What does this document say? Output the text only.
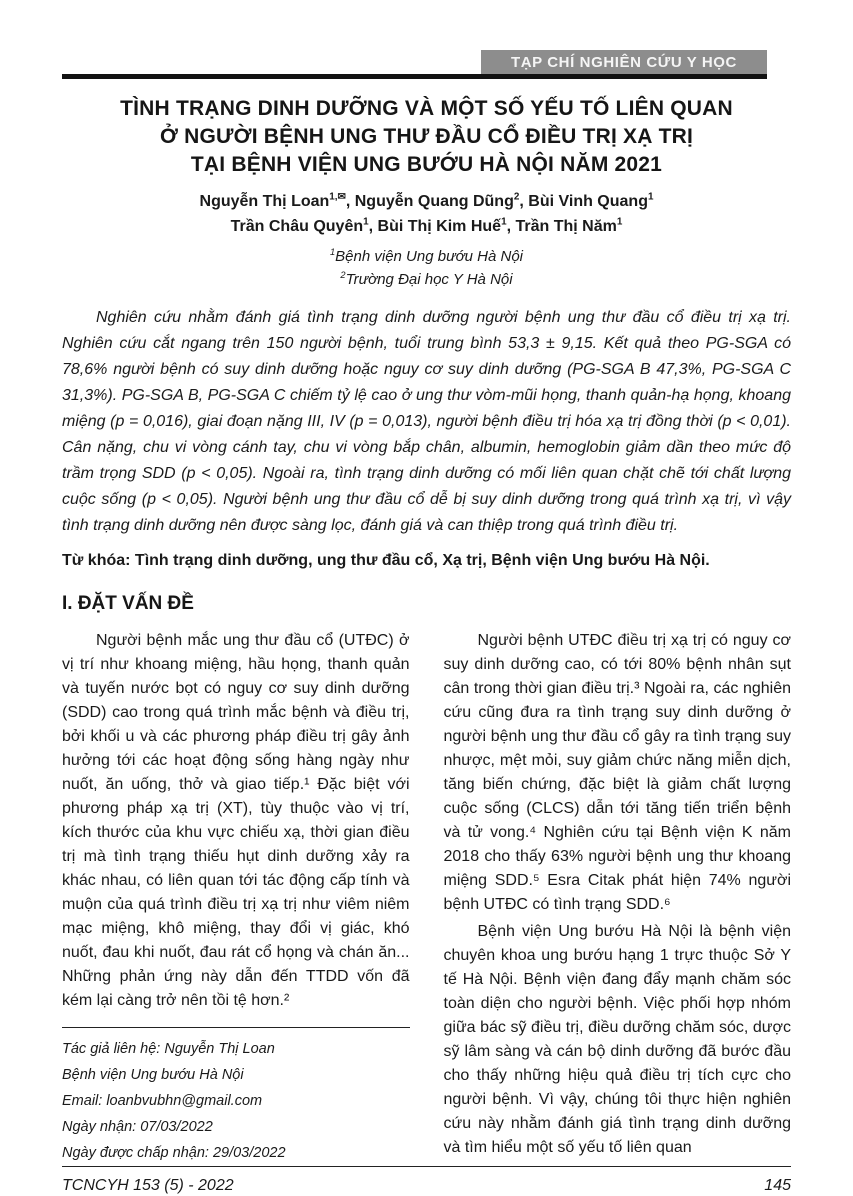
TẠP CHÍ NGHIÊN CỨU Y HỌC
TÌNH TRẠNG DINH DƯỠNG VÀ MỘT SỐ YẾU TỐ LIÊN QUAN
Ở NGƯỜI BỆNH UNG THƯ ĐẦU CỔ ĐIỀU TRỊ XẠ TRỊ
TẠI BỆNH VIỆN UNG BƯỚU HÀ NỘI NĂM 2021
Nguyễn Thị Loan$^{1,✉}$, Nguyễn Quang Dũng$^2$, Bùi Vinh Quang$^1$
Trần Châu Quyên$^1$, Bùi Thị Kim Huế$^1$, Trần Thị Năm$^1$
$^1$Bệnh viện Ung bướu Hà Nội
$^2$Trường Đại học Y Hà Nội

Nghiên cứu nhằm đánh giá tình trạng dinh dưỡng người bệnh ung thư đầu cổ điều trị xạ trị. Nghiên cứu cắt ngang trên 150 người bệnh, tuổi trung bình 53,3 ± 9,15. Kết quả theo PG-SGA có 78,6% người bệnh có suy dinh dưỡng hoặc nguy cơ suy dinh dưỡng (PG-SGA B 47,3%, PG-SGA C 31,3%). PG-SGA B, PG-SGA C chiếm tỷ lệ cao ở ung thư vòm-mũi họng, thanh quản-hạ họng, khoang miệng (p = 0,016), giai đoạn nặng III, IV (p = 0,013), người bệnh điều trị hóa xạ trị đồng thời (p < 0,01). Cân nặng, chu vi vòng cánh tay, chu vi vòng bắp chân, albumin, hemoglobin giảm dần theo mức độ trầm trọng SDD (p < 0,05). Ngoài ra, tình trạng dinh dưỡng có mối liên quan chặt chẽ tới chất lượng cuộc sống (p < 0,05). Người bệnh ung thư đầu cổ dễ bị suy dinh dưỡng trong quá trình xạ trị, vì vậy tình trạng dinh dưỡng nên được sàng lọc, đánh giá và can thiệp trong quá trình điều trị.

Từ khóa: Tình trạng dinh dưỡng, ung thư đầu cổ, Xạ trị, Bệnh viện Ung bướu Hà Nội.

I. ĐẶT VẤN ĐỀ

Người bệnh mắc ung thư đầu cổ (UTĐC) ở vị trí như khoang miệng, hầu họng, thanh quản và tuyến nước bọt có nguy cơ suy dinh dưỡng (SDD) cao trong quá trình mắc bệnh và điều trị, bởi khối u và các phương pháp điều trị gây ảnh hưởng tới các hoạt động sống hàng ngày như nuốt, ăn uống, thở và giao tiếp.¹ Đặc biệt với phương pháp xạ trị (XT), tùy thuộc vào vị trí, kích thước của khu vực chiếu xạ, thời gian điều trị mà tình trạng thiếu hụt dinh dưỡng xảy ra khác nhau, có liên quan tới tác động cấp tính và muộn của quá trình điều trị xạ trị như viêm niêm mạc miệng, khô miệng, thay đổi vị giác, khó nuốt, đau khi nuốt, đau rát cổ họng và chán ăn... Những phản ứng này dẫn đến TTDD vốn đã kém lại càng trở nên tồi tệ hơn.²

Tác giả liên hệ: Nguyễn Thị Loan
Bệnh viện Ung bướu Hà Nội
Email: loanbvubhn@gmail.com
Ngày nhận: 07/03/2022
Ngày được chấp nhận: 29/03/2022

Người bệnh UTĐC điều trị xạ trị có nguy cơ suy dinh dưỡng cao, có tới 80% bệnh nhân sụt cân trong thời gian điều trị.³ Ngoài ra, các nghiên cứu cũng đưa ra tình trạng suy dinh dưỡng ở người bệnh ung thư đầu cổ gây ra tình trạng suy nhược, mệt mỏi, suy giảm chức năng miễn dịch, tăng biến chứng, đặc biệt là giảm chất lượng cuộc sống (CLCS) dẫn tới tăng tiến triển bệnh và tử vong.⁴ Nghiên cứu tại Bệnh viện K năm 2018 cho thấy 63% người bệnh ung thư khoang miệng SDD.⁵ Esra Citak phát hiện 74% người bệnh UTĐC có tình trạng SDD.⁶

Bệnh viện Ung bướu Hà Nội là bệnh viện chuyên khoa ung bướu hạng 1 trực thuộc Sở Y tế Hà Nội. Bệnh viện đang đẩy mạnh chăm sóc toàn diện cho người bệnh. Việc phối hợp nhóm giữa bác sỹ điều trị, điều dưỡng chăm sóc, dược sỹ lâm sàng và cán bộ dinh dưỡng đã bước đầu cho thấy những hiệu quả điều trị tích cực cho người bệnh. Vì vậy, chúng tôi thực hiện nghiên cứu này nhằm đánh giá tình trạng dinh dưỡng và tìm hiểu một số yếu tố liên quan

TCNCYH 153 (5) - 2022	145
